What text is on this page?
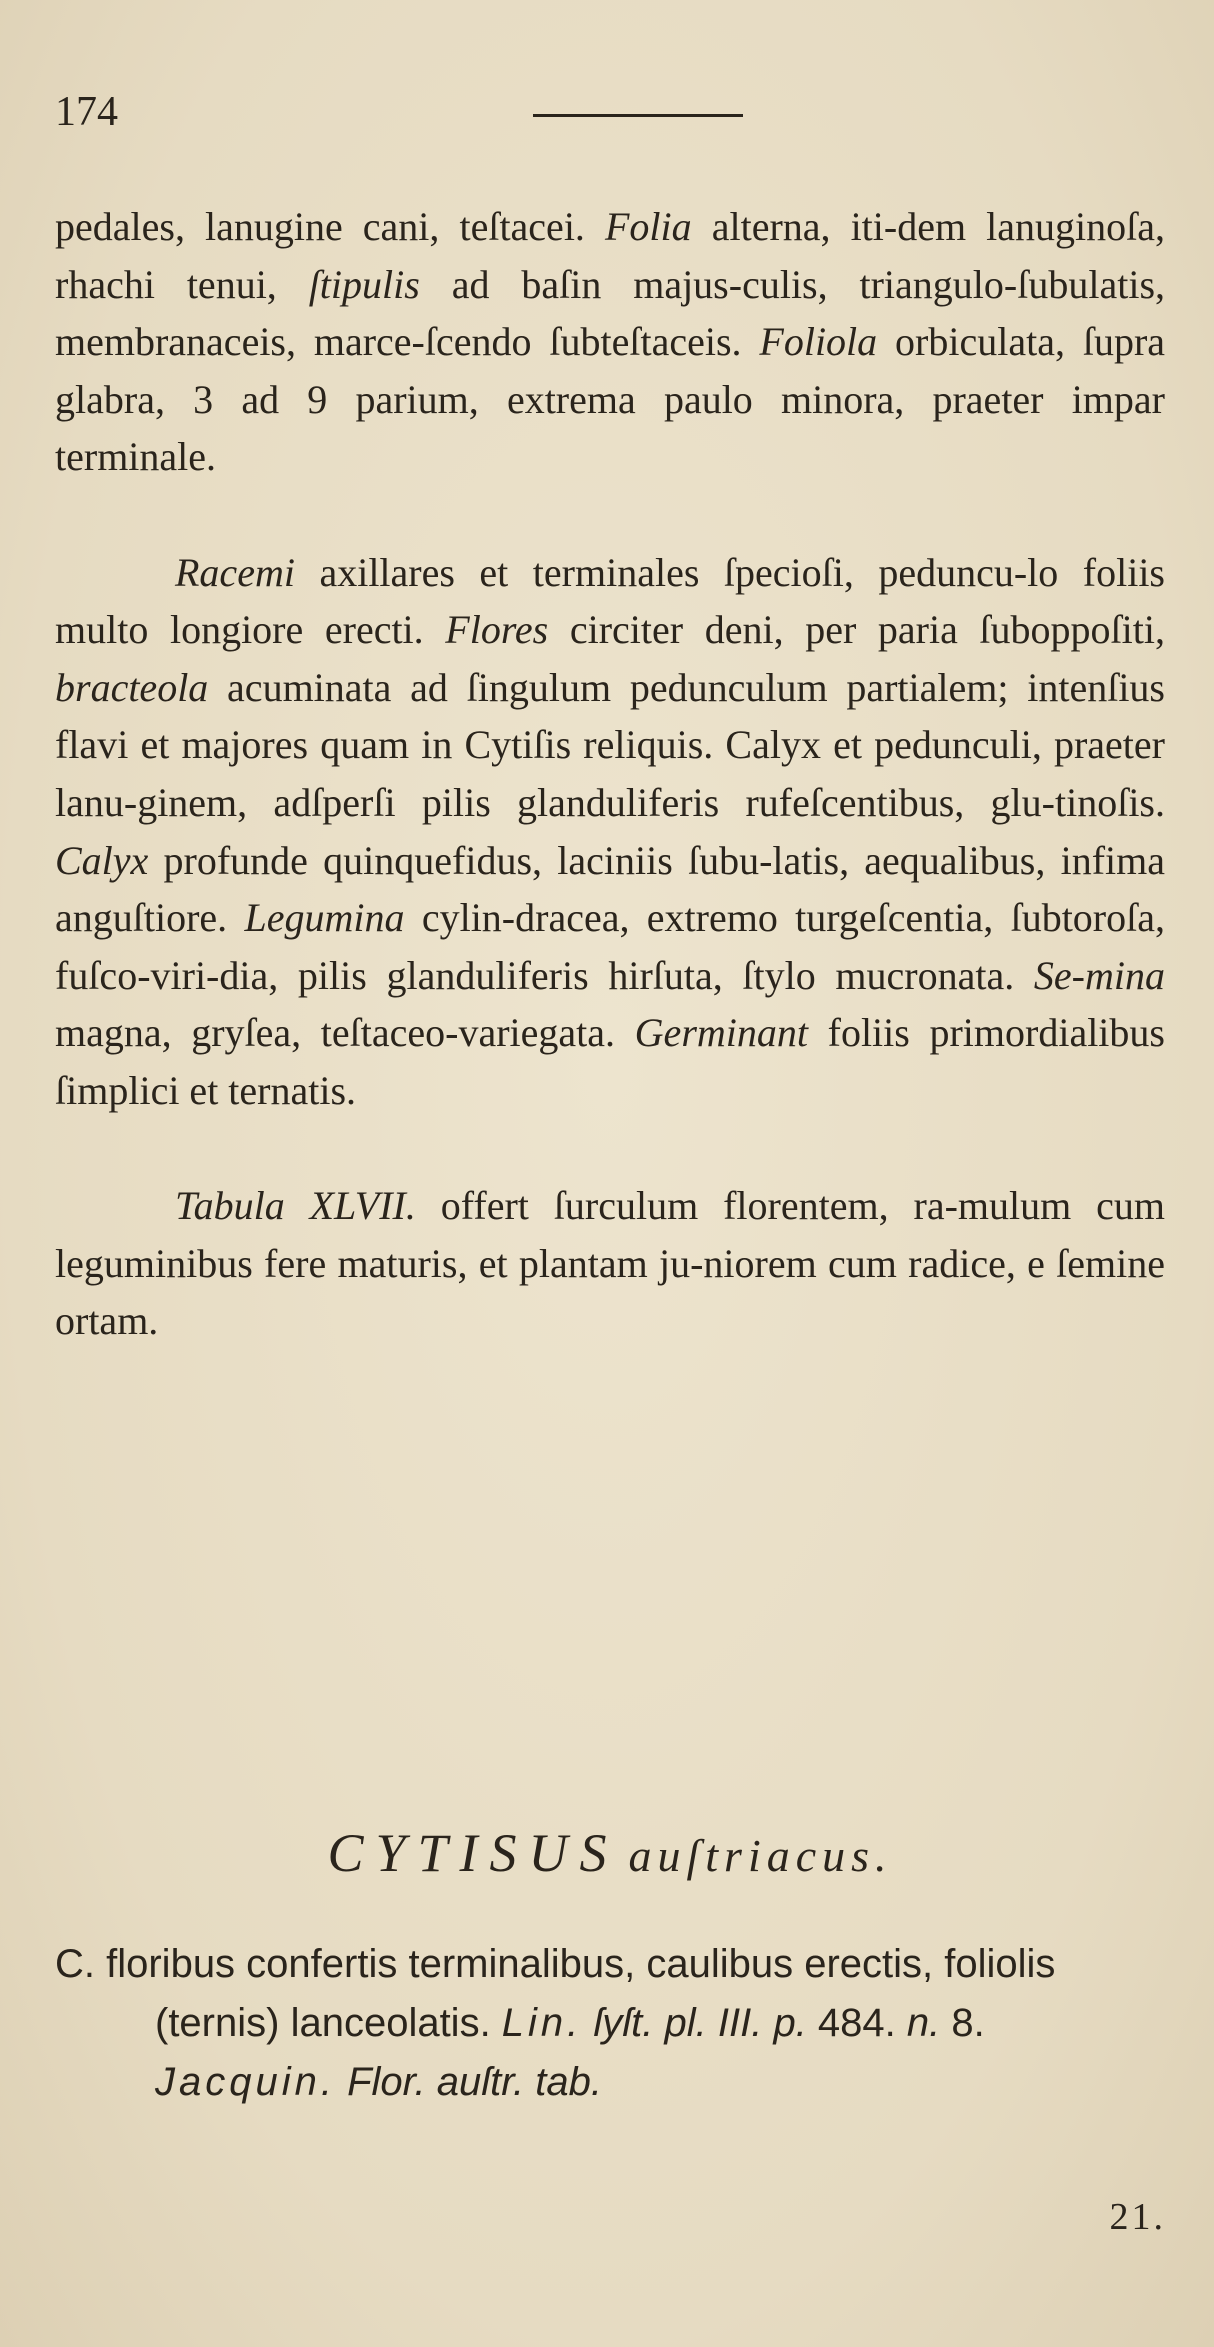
174

pedales, lanugine cani, teſtacei. Folia alterna, iti-dem lanuginoſa, rhachi tenui, ſtipulis ad baſin majus-culis, triangulo-ſubulatis, membranaceis, marce-ſcendo ſubteſtaceis. Foliola orbiculata, ſupra glabra, 3 ad 9 parium, extrema paulo minora, praeter impar terminale.

Racemi axillares et terminales ſpecioſi, peduncu-lo foliis multo longiore erecti. Flores circiter deni, per paria ſuboppoſiti, bracteola acuminata ad ſingulum pedunculum partialem; intenſius flavi et majores quam in Cytiſis reliquis. Calyx et pedunculi, praeter lanu-ginem, adſperſi pilis glanduliferis rufeſcentibus, glu-tinoſis. Calyx profunde quinquefidus, laciniis ſubu-latis, aequalibus, infima anguſtiore. Legumina cylin-dracea, extremo turgeſcentia, ſubtoroſa, fuſco-viri-dia, pilis glanduliferis hirſuta, ſtylo mucronata. Se-mina magna, gryſea, teſtaceo-variegata. Germinant foliis primordialibus ſimplici et ternatis.

Tabula XLVII. offert ſurculum florentem, ra-mulum cum leguminibus fere maturis, et plantam ju-niorem cum radice, e ſemine ortam.

CYTISUS auſtriacus.

C. floribus confertis terminalibus, caulibus erectis, foliolis (ternis) lanceolatis. Lin. ſyſt. pl. III. p. 484. n. 8. Jacquin. Flor. auſtr. tab.

21.
